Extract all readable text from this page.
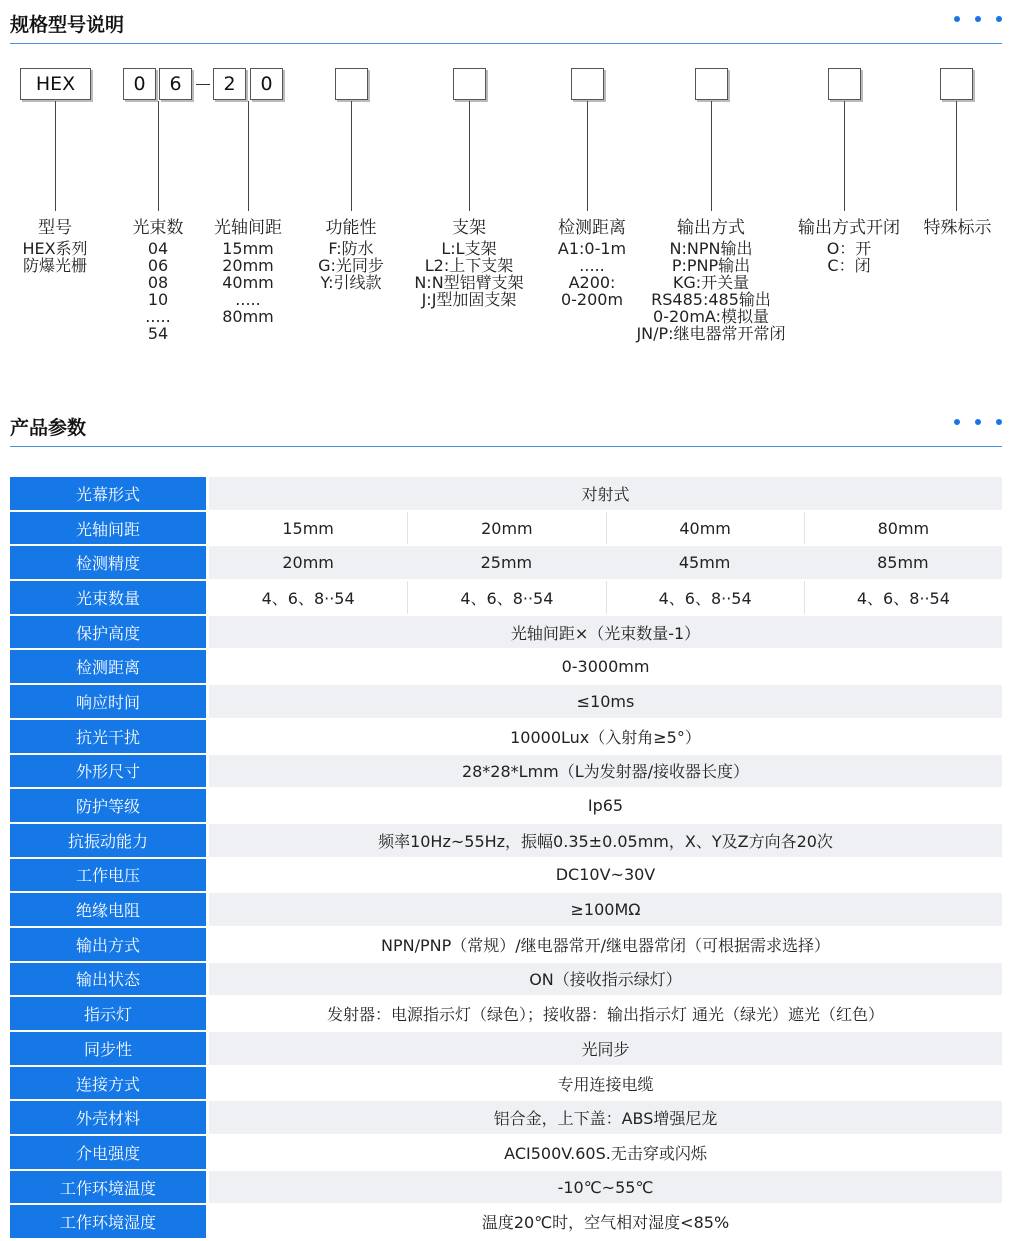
规格型号说明
HEX	0	6	2	0
型号
HEX系列
防爆光栅
光束数
04
06
08
10
.....
54
光轴间距
15mm
20mm
40mm
.....
80mm
功能性
F:防水
G:光同步
Y:引线款
支架
L:L支架
L2:上下支架
N:N型铝臂支架
J:J型加固支架
检测距离
A1:0-1m
.....
A200:
0-200m
输出方式
N:NPN输出
P:PNP输出
KG:开关量
RS485:485输出
0-20mA:模拟量
JN/P:继电器常开常闭
输出方式开闭
O：开
C：闭
特殊标示
产品参数
光幕形式	对射式			
光轴间距	15mm	20mm	40mm	80mm
检测精度	20mm	25mm	45mm	85mm
光束数量	4、6、8··54	4、6、8··54	4、6、8··54	4、6、8··54
保护高度	光轴间距×（光束数量-1）			
检测距离	0-3000mm			
响应时间	≤10ms			
抗光干扰	10000Lux（入射角≥5°）			
外形尺寸	28*28*Lmm（L为发射器/接收器长度）			
防护等级	Ip65			
抗振动能力	频率10Hz~55Hz，振幅0.35±0.05mm，X、Y及Z方向各20次			
工作电压	DC10V~30V			
绝缘电阻	≥100MΩ			
输出方式	NPN/PNP（常规）/继电器常开/继电器常闭（可根据需求选择）			
输出状态	ON（接收指示绿灯）			
指示灯	发射器：电源指示灯（绿色）；接收器：输出指示灯 通光（绿光）遮光（红色）			
同步性	光同步			
连接方式	专用连接电缆			
外壳材料	铝合金，上下盖：ABS增强尼龙			
介电强度	ACI500V.60S.无击穿或闪烁			
工作环境温度	-10℃~55℃			
工作环境湿度	温度20℃时，空气相对湿度<85%			
